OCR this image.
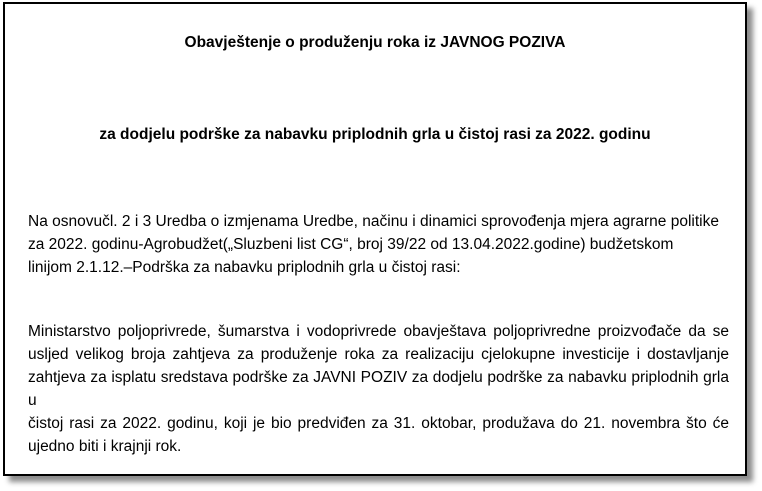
Obavještenje o produženju roka iz JAVNOG POZIVA
za dodjelu podrške za nabavku priplodnih grla u čistoj rasi za 2022. godinu
Na osnovučl. 2 i 3 Uredba o izmjenama Uredbe, načinu i dinamici sprovođenja mjera agrarne politike
za 2022. godinu-Agrobudžet(„Sluzbeni list CG“, broj 39/22 od 13.04.2022.godine) budžetskom
linijom 2.1.12.–Podrška za nabavku priplodnih grla u čistoj rasi:
Ministarstvo poljoprivrede, šumarstva i vodoprivrede obavještava poljoprivredne proizvođače da se
usljed velikog broja zahtjeva za produženje roka za realizaciju cjelokupne investicije i dostavljanje
zahtjeva za isplatu sredstava podrške za JAVNI POZIV za dodjelu podrške za nabavku priplodnih grla u
čistoj rasi za 2022. godinu, koji je bio predviđen za 31. oktobar, produžava do 21. novembra što će
ujedno biti i krajnji rok.
